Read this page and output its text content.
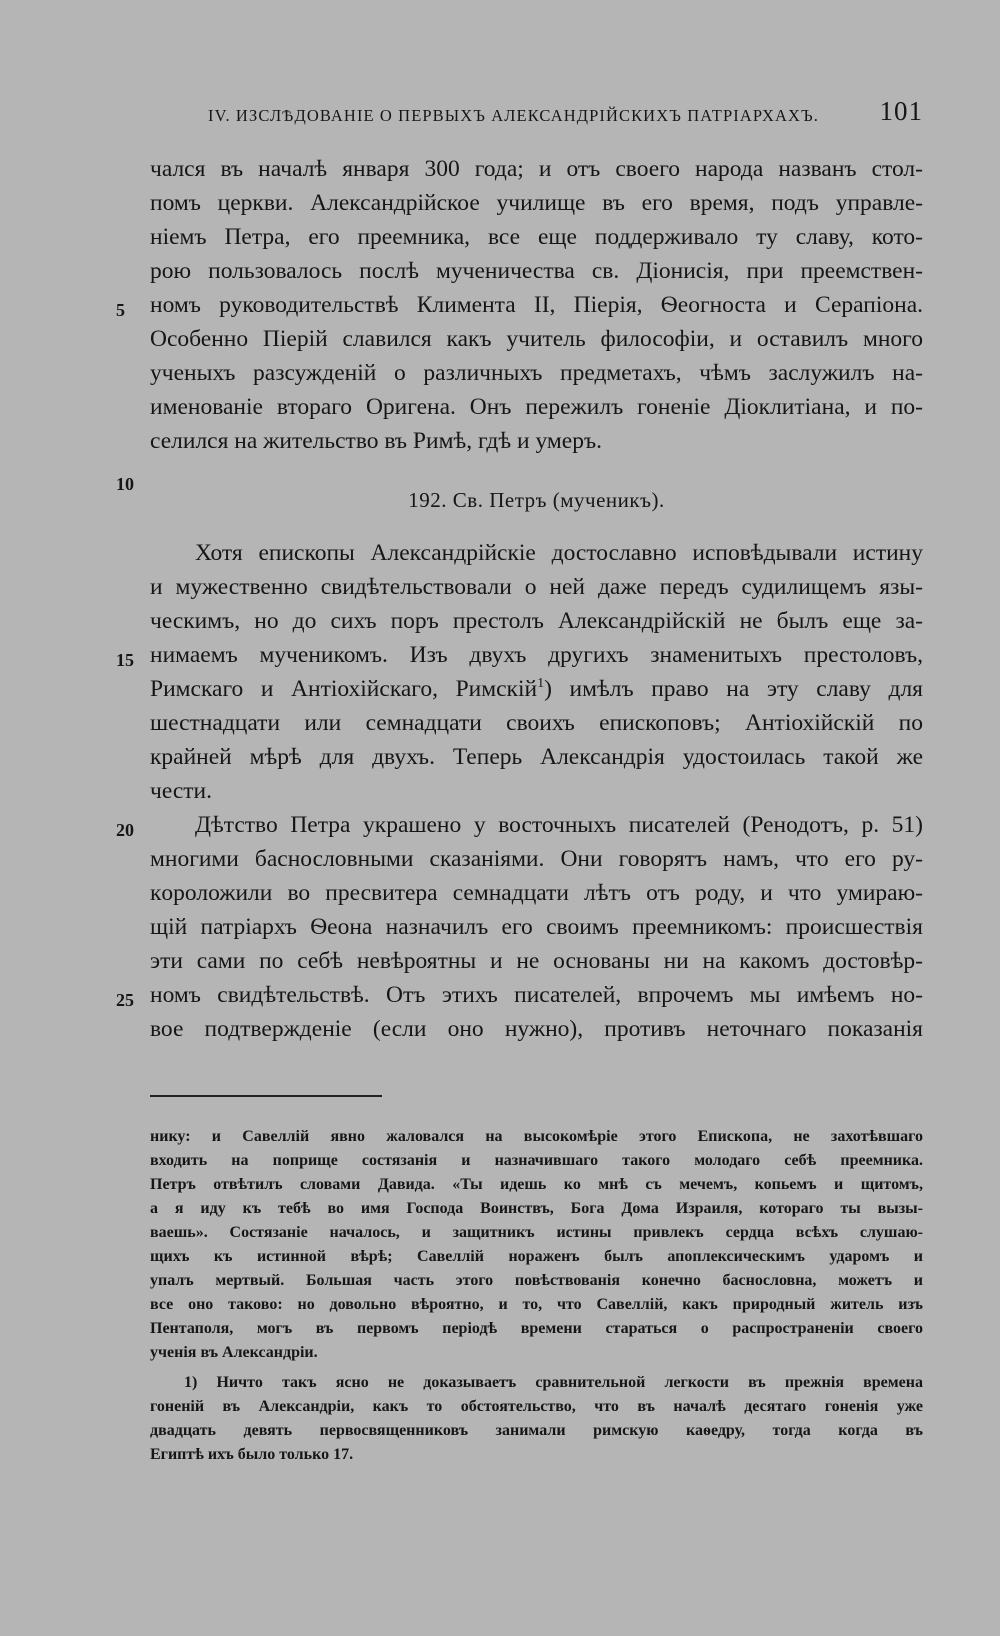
IV. ИЗСЛѢДОВАНІЕ О ПЕРВЫХЪ АЛЕКСАНДРІЙСКИХЪ ПАТРІАРХАХЪ. 101
чался въ началѣ января 300 года; и отъ своего народа названъ стол-
помъ церкви. Александрійское училище въ его время, подъ управле-
ніемъ Петра, его преемника, все еще поддерживало ту славу, кото-
рою пользовалось послѣ мученичества св. Діонисія, при преемствен-
номъ руководительствѣ Климента II, Піерія, Ѳеогноста и Серапіона.
Особенно Піерій славился какъ учитель философіи, и оставилъ много
ученыхъ разсужденій о различныхъ предметахъ, чѣмъ заслужилъ на-
именованіе втораго Оригена. Онъ пережилъ гоненіе Діоклитіана, и по-
селился на жительство въ Римѣ, гдѣ и умеръ.
192. Св. Петръ (мученикъ).
Хотя епископы Александрійскіе достославно исповѣдывали истину
и мужественно свидѣтельствовали о ней даже передъ судилищемъ язы-
ческимъ, но до сихъ поръ престолъ Александрійскій не былъ еще за-
нимаемъ мученикомъ. Изъ двухъ другихъ знаменитыхъ престоловъ,
Римскаго и Антіохійскаго, Римскій$^1$) имѣлъ право на эту славу для
шестнадцати или семнадцати своихъ епископовъ; Антіохійскій по
крайней мѣрѣ для двухъ. Теперь Александрія удостоилась такой же
чести.
Дѣтство Петра украшено у восточныхъ писателей (Ренодотъ, р. 51)
многими баснословными сказаніями. Они говорятъ намъ, что его ру-
кopоложили во пресвитера семнадцати лѣтъ отъ роду, и что умираю-
щій патріархъ Ѳеона назначилъ его своимъ преемникомъ: происшествія
эти сами по себѣ невѣроятны и не основаны ни на какомъ достовѣр-
номъ свидѣтельствѣ. Отъ этихъ писателей, впрочемъ мы имѣемъ но-
вое подтвержденіе (если оно нужно), противъ неточнаго показанія
5
10
15
20
25
нику: и Савеллій явно жаловался на высокомѣріе этого Епископа, не захотѣвшаго
входить на поприще состязанія и назначившаго такого молодаго себѣ преемника.
Петръ отвѣтилъ словами Давида. «Ты идешь ко мнѣ съ мечемъ, копьемъ и щитомъ,
а я иду къ тебѣ во имя Господа Воинствъ, Бога Дома Израиля, котораго ты вызы-
ваешь». Состязаніе началось, и защитникъ истины привлекъ сердца всѣхъ слушаю-
щихъ къ истинной вѣрѣ; Савеллій нораженъ былъ апоплексическимъ ударомъ и
упалъ мертвый. Большая часть этого повѣствованія конечно баснословна, можетъ и
все оно таково: но довольно вѣроятно, и то, что Савеллій, какъ природный житель изъ
Пентаполя, могъ въ первомъ періодѣ времени стараться о распространеніи своего
ученія въ Александріи.
1) Ничто такъ ясно не доказываетъ сравнительной легкости въ прежнія времена
гоненій въ Александріи, какъ то обстоятельство, что въ началѣ десятаго гоненія уже
двадцать девять первосвященниковъ занимали римскую каѳедру, тогда когда въ
Египтѣ ихъ было только 17.
